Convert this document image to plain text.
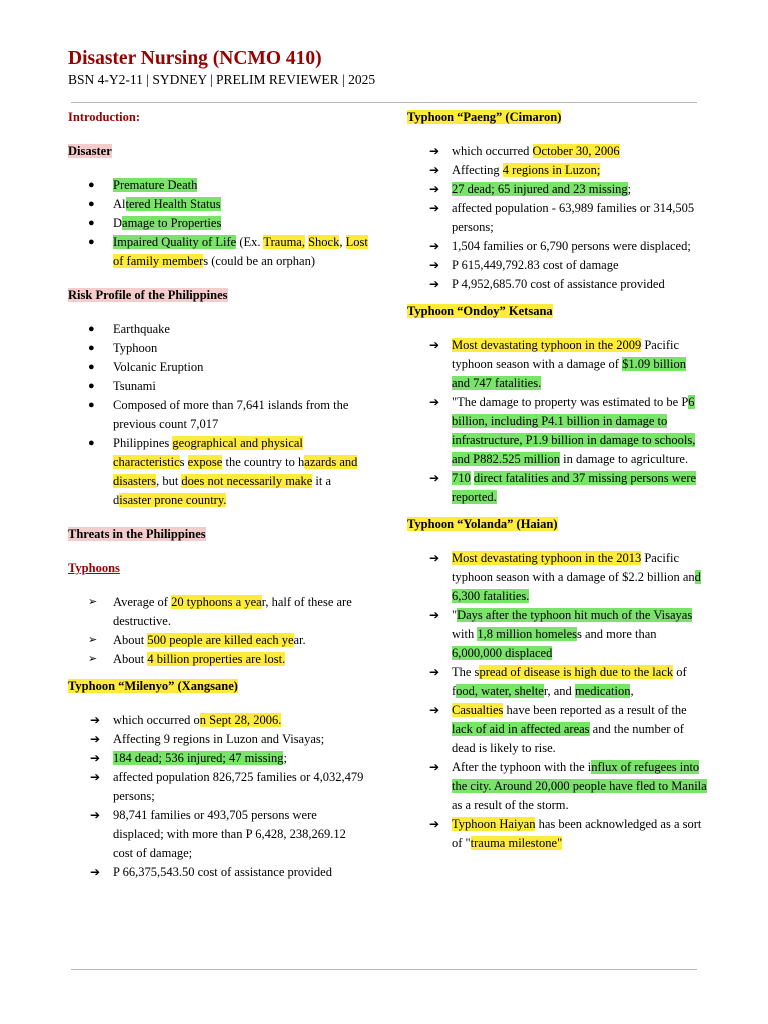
Disaster Nursing (NCMO 410)
BSN 4-Y2-11 | SYDNEY | PRELIM REVIEWER | 2025

Introduction:

Disaster

● Premature Death
● Altered Health Status
● Damage to Properties
● Impaired Quality of Life (Ex. Trauma, Shock, Lost of family members (could be an orphan)

Risk Profile of the Philippines

● Earthquake
● Typhoon
● Volcanic Eruption
● Tsunami
● Composed of more than 7,641 islands from the previous count 7,017
● Philippines geographical and physical characteristics expose the country to hazards and disasters, but does not necessarily make it a disaster prone country.

Threats in the Philippines

Typhoons

➢ Average of 20 typhoons a year, half of these are destructive.
➢ About 500 people are killed each year.
➢ About 4 billion properties are lost.

Typhoon “Milenyo” (Xangsane)

➔ which occurred on Sept 28, 2006.
➔ Affecting 9 regions in Luzon and Visayas;
➔ 184 dead; 536 injured; 47 missing;
➔ affected population 826,725 families or 4,032,479 persons;
➔ 98,741 families or 493,705 persons were displaced; with more than P 6,428, 238,269.12 cost of damage;
➔ P 66,375,543.50 cost of assistance provided

Typhoon “Paeng” (Cimaron)

➔ which occurred October 30, 2006
➔ Affecting 4 regions in Luzon;
➔ 27 dead; 65 injured and 23 missing;
➔ affected population - 63,989 families or 314,505 persons;
➔ 1,504 families or 6,790 persons were displaced;
➔ P 615,449,792.83 cost of damage
➔ P 4,952,685.70 cost of assistance provided

Typhoon “Ondoy” Ketsana

➔ Most devastating typhoon in the 2009 Pacific typhoon season with a damage of $1.09 billion and 747 fatalities.
➔ "The damage to property was estimated to be P6 billion, including P4.1 billion in damage to infrastructure, P1.9 billion in damage to schools, and P882.525 million in damage to agriculture.
➔ 710 direct fatalities and 37 missing persons were reported.

Typhoon “Yolanda” (Haian)

➔ Most devastating typhoon in the 2013 Pacific typhoon season with a damage of $2.2 billion and 6,300 fatalities.
➔ "Days after the typhoon hit much of the Visayas with 1,8 million homeless and more than 6,000,000 displaced
➔ The spread of disease is high due to the lack of food, water, shelter, and medication,
➔ Casualties have been reported as a result of the lack of aid in affected areas and the number of dead is likely to rise.
➔ After the typhoon with the influx of refugees into the city. Around 20,000 people have fled to Manila as a result of the storm.
➔ Typhoon Haiyan has been acknowledged as a sort of "trauma milestone"
